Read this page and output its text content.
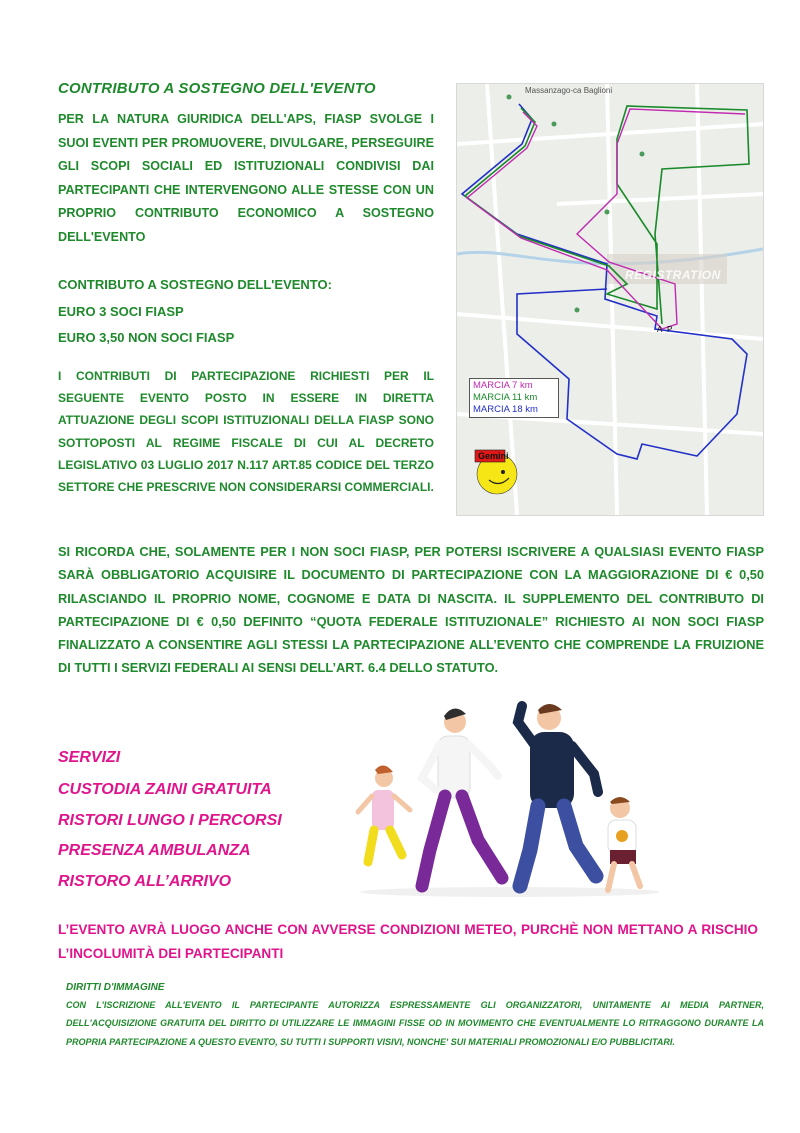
CONTRIBUTO A SOSTEGNO DELL'EVENTO
PER LA NATURA GIURIDICA DELL'APS, FIASP SVOLGE I SUOI EVENTI PER PROMUOVERE, DIVULGARE, PERSEGUIRE GLI SCOPI SOCIALI ED ISTITUZIONALI CONDIVISI DAI PARTECIPANTI CHE INTERVENGONO ALLE STESSE CON UN PROPRIO CONTRIBUTO ECONOMICO A SOSTEGNO DELL'EVENTO
CONTRIBUTO A SOSTEGNO DELL'EVENTO:
EURO 3 SOCI FIASP
EURO 3,50 NON SOCI FIASP
I CONTRIBUTI DI PARTECIPAZIONE RICHIESTI PER IL SEGUENTE EVENTO POSTO IN ESSERE IN DIRETTA ATTUAZIONE DEGLI SCOPI ISTITUZIONALI DELLA FIASP SONO SOTTOPOSTI AL REGIME FISCALE DI CUI AL DECRETO LEGISLATIVO 03 LUGLIO 2017 N.117 ART.85 CODICE DEL TERZO SETTORE CHE PRESCRIVE NON CONSIDERARSI COMMERCIALI.
A P
Massanzago-ca Baglioni
REGISTRATION
MARCIA 7 km
MARCIA 11 km
MARCIA 18 km
Gemini
SI RICORDA CHE, SOLAMENTE PER I NON SOCI FIASP, PER POTERSI ISCRIVERE A QUALSIASI EVENTO FIASP SARÀ OBBLIGATORIO ACQUISIRE IL DOCUMENTO DI PARTECIPAZIONE CON LA MAGGIORAZIONE DI € 0,50 RILASCIANDO IL PROPRIO NOME, COGNOME E DATA DI NASCITA. IL SUPPLEMENTO DEL CONTRIBUTO DI PARTECIPAZIONE DI € 0,50 DEFINITO “QUOTA FEDERALE ISTITUZIONALE” RICHIESTO AI NON SOCI FIASP FINALIZZATO A CONSENTIRE AGLI STESSI LA PARTECIPAZIONE ALL’EVENTO CHE COMPRENDE LA FRUIZIONE DI TUTTI I SERVIZI FEDERALI AI SENSI DELL’ART. 6.4 DELLO STATUTO.
SERVIZI
CUSTODIA ZAINI GRATUITA
RISTORI LUNGO I PERCORSI
PRESENZA AMBULANZA
RISTORO ALL’ARRIVO
L’EVENTO AVRÀ LUOGO ANCHE CON AVVERSE CONDIZIONI METEO, PURCHÈ NON METTANO A RISCHIO L’INCOLUMITÀ DEI PARTECIPANTI
DIRITTI D'IMMAGINE
CON L'ISCRIZIONE ALL'EVENTO IL PARTECIPANTE AUTORIZZA ESPRESSAMENTE GLI ORGANIZZATORI, UNITAMENTE AI MEDIA PARTNER, DELL'ACQUISIZIONE GRATUITA DEL DIRITTO DI UTILIZZARE LE IMMAGINI FISSE OD IN MOVIMENTO CHE EVENTUALMENTE LO RITRAGGONO DURANTE LA PROPRIA PARTECIPAZIONE A QUESTO EVENTO, SU TUTTI I SUPPORTI VISIVI, NONCHE' SUI MATERIALI PROMOZIONALI E/O PUBBLICITARI.
